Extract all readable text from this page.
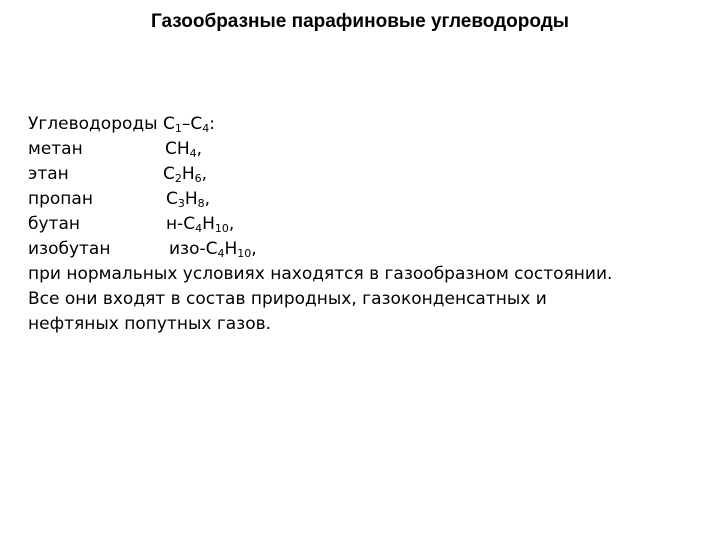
Газообразные парафиновые углеводороды
Углеводороды $С_1-С_4$:
метан	$СН_4$,
этан	$С_2Н_6$,
пропан	$С_3Н_8$,
бутан	$н-С_4Н_{10}$,
изобутан	изо-$С_4Н_{10}$,
при нормальных условиях находятся в газообразном состоянии.
Все они входят в состав природных, газоконденсатных и
нефтяных попутных газов.
